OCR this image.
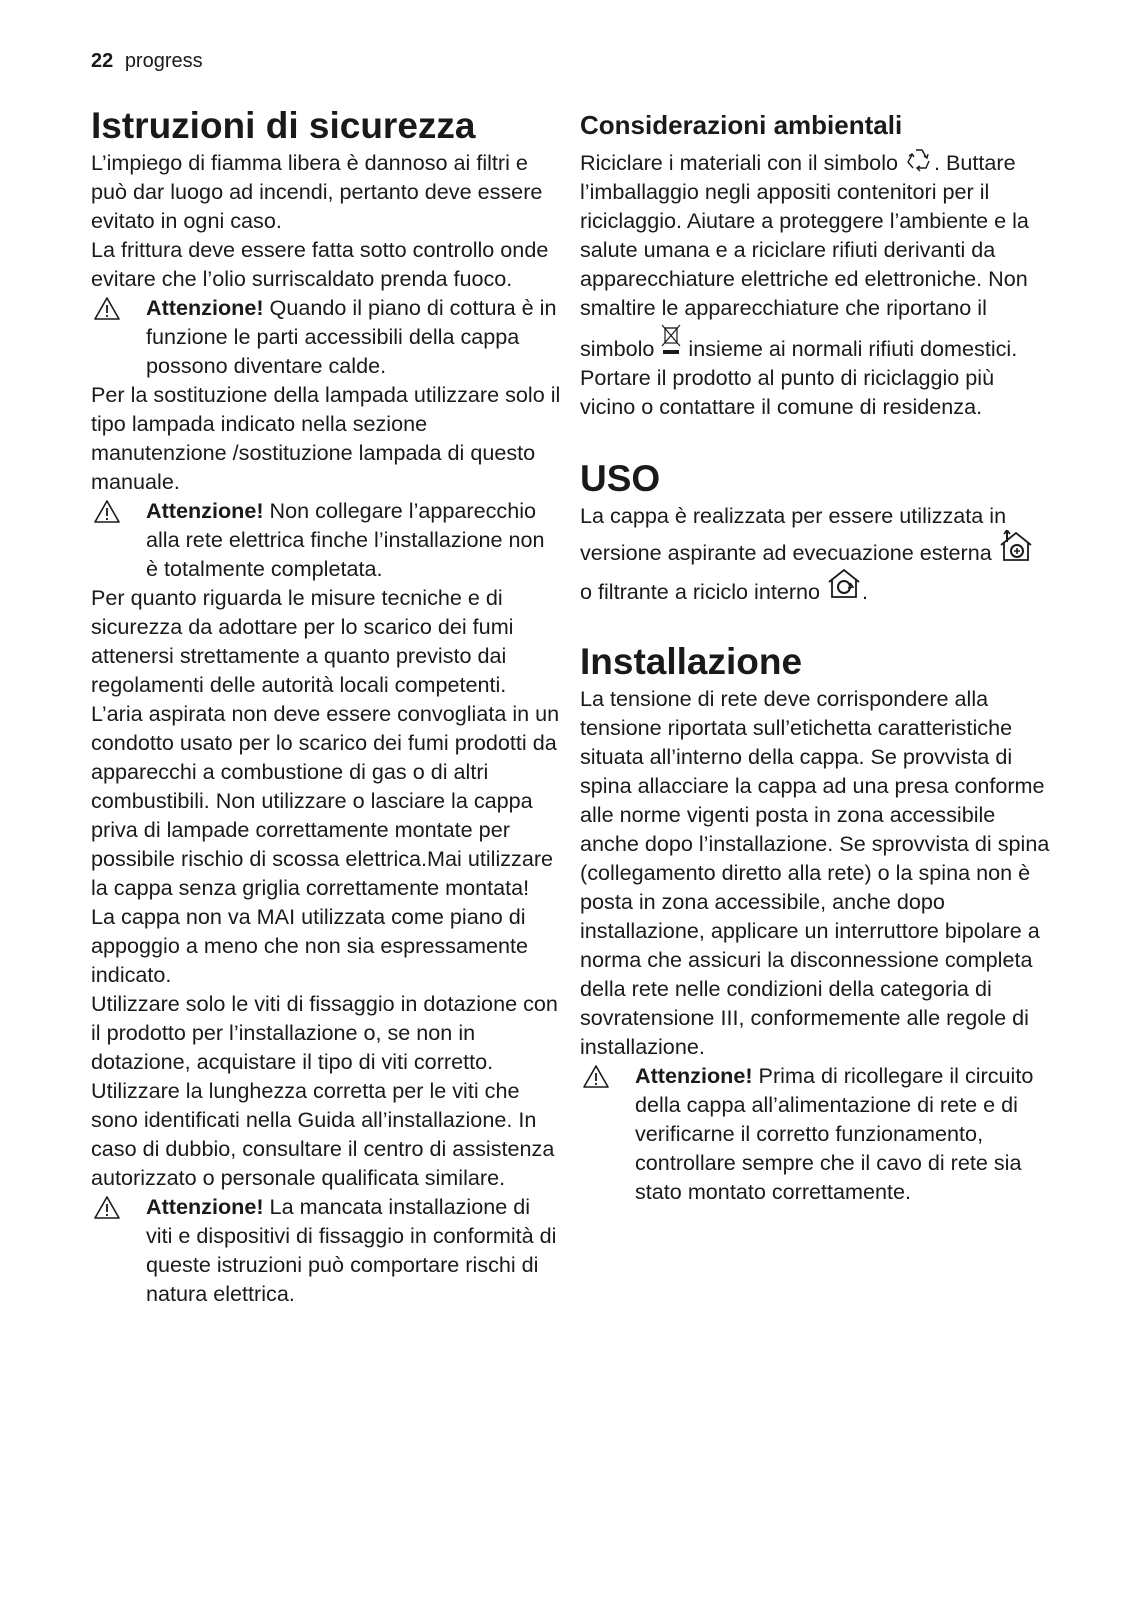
22 progress
Istruzioni di sicurezza

L’impiego di fiamma libera è dannoso ai filtri e può dar luogo ad incendi, pertanto deve essere evitato in ogni caso.

La frittura deve essere fatta sotto controllo onde evitare che l’olio surriscaldato prenda fuoco.

Attenzione! Quando il piano di cottura è in funzione le parti accessibili della cappa possono diventare calde.

Per la sostituzione della lampada utilizzare solo il tipo lampada indicato nella sezione manutenzione /sostituzione lampada di questo manuale.

Attenzione! Non collegare l’apparecchio alla rete elettrica finche l’installazione non è totalmente completata.

Per quanto riguarda le misure tecniche e di sicurezza da adottare per lo scarico dei fumi attenersi strettamente a quanto previsto dai regolamenti delle autorità locali competenti. L’aria aspirata non deve essere convogliata in un condotto usato per lo scarico dei fumi prodotti da apparecchi a combustione di gas o di altri combustibili. Non utilizzare o lasciare la cappa priva di lampade correttamente montate per possibile rischio di scossa elettrica.Mai utilizzare la cappa senza griglia correttamente montata!

La cappa non va MAI utilizzata come piano di appoggio a meno che non sia espressamente indicato.

Utilizzare solo le viti di fissaggio in dotazione con il prodotto per l’installazione o, se non in dotazione, acquistare il tipo di viti corretto. Utilizzare la lunghezza corretta per le viti che sono identificati nella Guida all’installazione. In caso di dubbio, consultare il centro di assistenza autorizzato o personale qualificata similare.

Attenzione! La mancata installazione di viti e dispositivi di fissaggio in conformità di queste istruzioni può comportare rischi di natura elettrica.
Considerazioni ambientali

Riciclare i materiali con il simbolo . Buttare l’imballaggio negli appositi contenitori per il riciclaggio. Aiutare a proteggere l’ambiente e la salute umana e a riciclare rifiuti derivanti da apparecchiature elettriche ed elettroniche. Non smaltire le apparecchiature che riportano il simbolo  insieme ai normali rifiuti domestici. Portare il prodotto al punto di riciclaggio più vicino o contattare il comune di residenza.

USO

La cappa è realizzata per essere utilizzata in versione aspirante ad evecuazione esterna  o filtrante a riciclo interno .

Installazione

La tensione di rete deve corrispondere alla tensione riportata sull’etichetta caratteristiche situata all’interno della cappa. Se provvista di spina allacciare la cappa ad una presa conforme alle norme vigenti posta in zona accessibile anche dopo l’installazione. Se sprovvista di spina (collegamento diretto alla rete) o la spina non è posta in zona accessibile, anche dopo installazione, applicare un interruttore bipolare a norma che assicuri la disconnessione completa della rete nelle condizioni della categoria di sovratensione III, conformemente alle regole di installazione.

Attenzione! Prima di ricollegare il circuito della cappa all’alimentazione di rete e di verificarne il corretto funzionamento, controllare sempre che il cavo di rete sia stato montato correttamente.
